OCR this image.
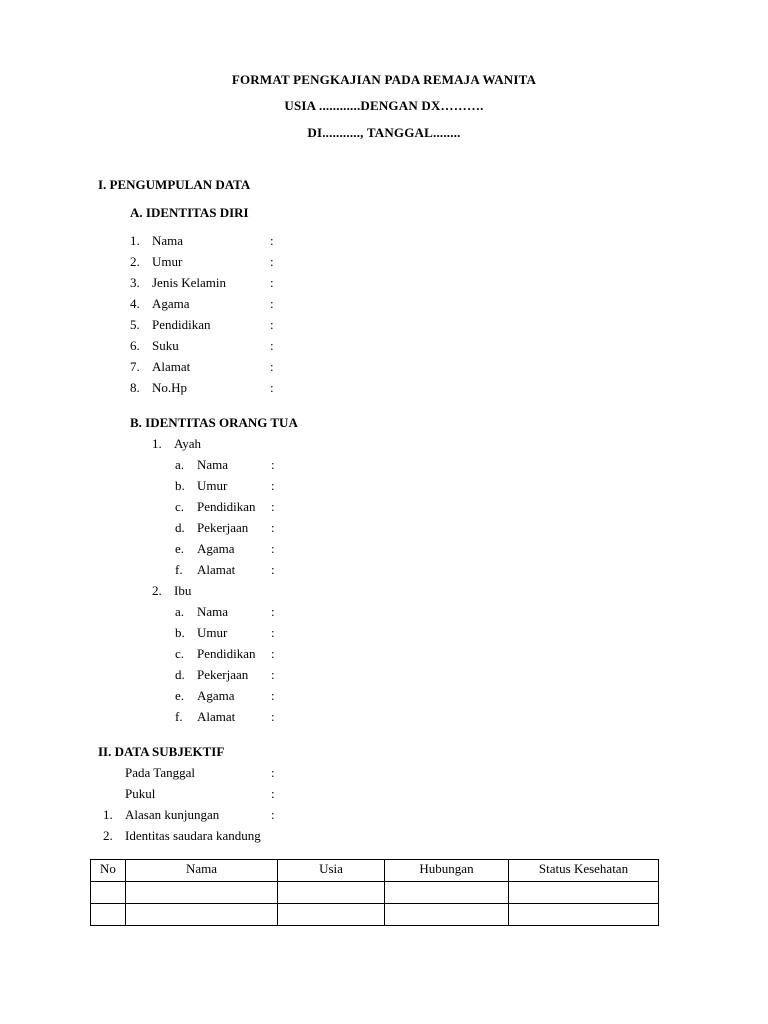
FORMAT PENGKAJIAN PADA REMAJA WANITA
USIA ............DENGAN DX……….
DI..........., TANGGAL........
I. PENGUMPULAN DATA
A. IDENTITAS DIRI
1. Nama	:
2. Umur	:
3. Jenis Kelamin	:
4. Agama	:
5. Pendidikan	:
6. Suku	:
7. Alamat	:
8. No.Hp	:
B. IDENTITAS ORANG TUA
1. Ayah
a. Nama	:
b. Umur	:
c. Pendidikan :
d. Pekerjaan :
e. Agama	:
f. Alamat	:
2. Ibu
a. Nama	:
b. Umur	:
c. Pendidikan :
d. Pekerjaan :
e. Agama	:
f. Alamat	:
II. DATA SUBJEKTIF
Pada Tanggal	:
Pukul	:
1. Alasan kunjungan	:
2. Identitas saudara kandung
No	Nama	Usia	Hubungan	Status Kesehatan
